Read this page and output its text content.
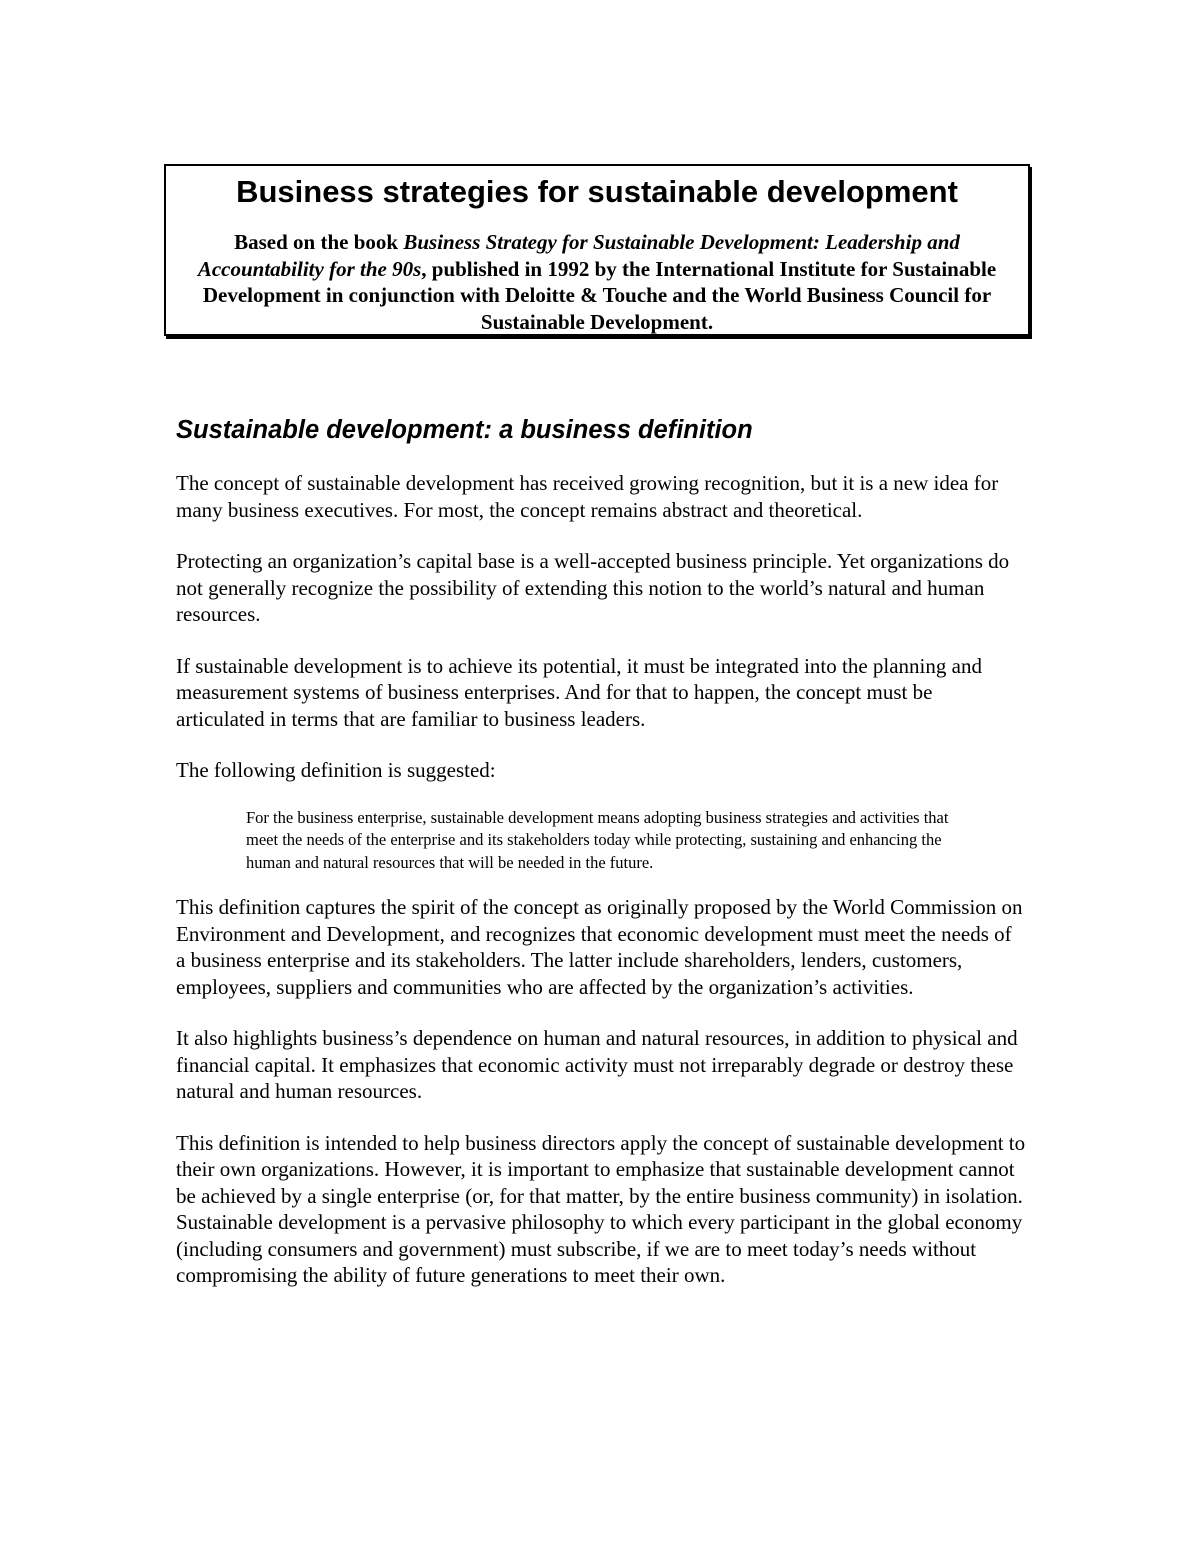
Business strategies for sustainable development

Based on the book Business Strategy for Sustainable Development: Leadership and Accountability for the 90s, published in 1992 by the International Institute for Sustainable Development in conjunction with Deloitte & Touche and the World Business Council for Sustainable Development.

Sustainable development: a business definition

The concept of sustainable development has received growing recognition, but it is a new idea for many business executives. For most, the concept remains abstract and theoretical.

Protecting an organization’s capital base is a well-accepted business principle. Yet organizations do not generally recognize the possibility of extending this notion to the world’s natural and human resources.

If sustainable development is to achieve its potential, it must be integrated into the planning and measurement systems of business enterprises. And for that to happen, the concept must be articulated in terms that are familiar to business leaders.

The following definition is suggested:

For the business enterprise, sustainable development means adopting business strategies and activities that meet the needs of the enterprise and its stakeholders today while protecting, sustaining and enhancing the human and natural resources that will be needed in the future.

This definition captures the spirit of the concept as originally proposed by the World Commission on Environment and Development, and recognizes that economic development must meet the needs of a business enterprise and its stakeholders. The latter include shareholders, lenders, customers, employees, suppliers and communities who are affected by the organization’s activities.

It also highlights business’s dependence on human and natural resources, in addition to physical and financial capital. It emphasizes that economic activity must not irreparably degrade or destroy these natural and human resources.

This definition is intended to help business directors apply the concept of sustainable development to their own organizations. However, it is important to emphasize that sustainable development cannot be achieved by a single enterprise (or, for that matter, by the entire business community) in isolation. Sustainable development is a pervasive philosophy to which every participant in the global economy (including consumers and government) must subscribe, if we are to meet today’s needs without compromising the ability of future generations to meet their own.
